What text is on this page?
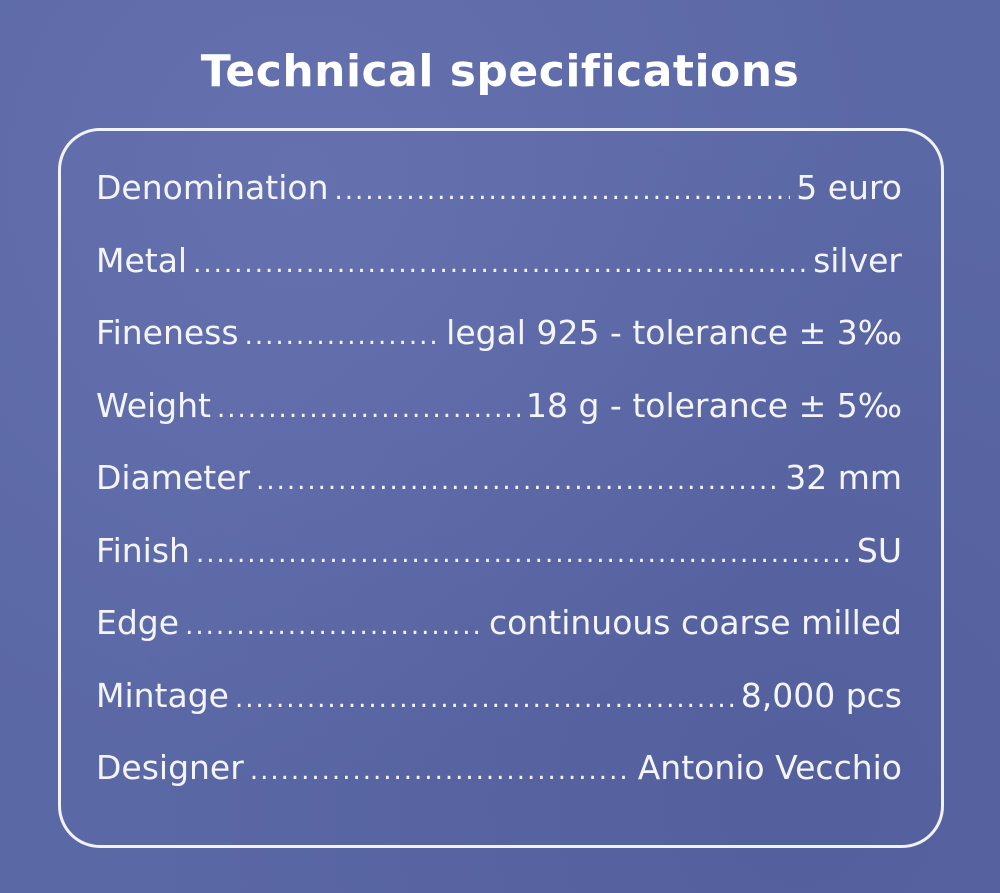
Technical specifications
Denomination .....	5 euro
Metal .....	silver
Fineness .....	legal 925 - tolerance ± 3‰
Weight .....	18 g - tolerance ± 5‰
Diameter .....	32 mm
Finish .....	SU
Edge .....	continuous coarse milled
Mintage .....	8,000 pcs
Designer .....	Antonio Vecchio
